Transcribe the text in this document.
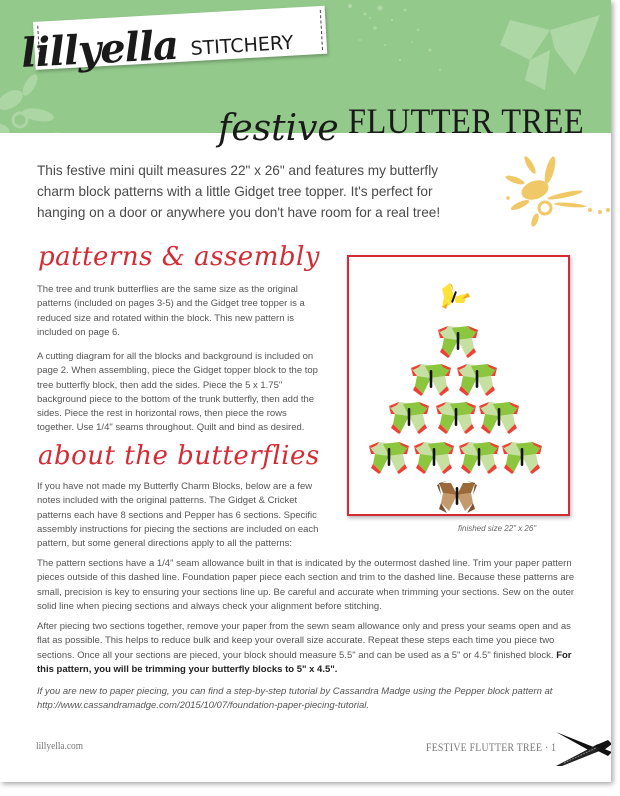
lillyella STITCHERY
festive FLUTTER TREE
This festive mini quilt measures 22" x 26" and features my butterfly charm block patterns with a little Gidget tree topper. It's perfect for hanging on a door or anywhere you don't have room for a real tree!
patterns & assembly
The tree and trunk butterflies are the same size as the original patterns (included on pages 3-5) and the Gidget tree topper is a reduced size and rotated within the block. This new pattern is included on page 6.
A cutting diagram for all the blocks and background is included on page 2. When assembling, piece the Gidget topper block to the top tree butterfly block, then add the sides. Piece the 5 x 1.75" background piece to the bottom of the trunk butterfly, then add the sides. Piece the rest in horizontal rows, then piece the rows together. Use 1/4" seams throughout. Quilt and bind as desired.
about the butterflies
If you have not made my Butterfly Charm Blocks, below are a few notes included with the original patterns. The Gidget & Cricket patterns each have 8 sections and Pepper has 6 sections. Specific assembly instructions for piecing the sections are included on each pattern, but some general directions apply to all the patterns:
The pattern sections have a 1/4" seam allowance built in that is indicated by the outermost dashed line. Trim your paper pattern pieces outside of this dashed line. Foundation paper piece each section and trim to the dashed line. Because these patterns are small, precision is key to ensuring your sections line up. Be careful and accurate when trimming your sections. Sew on the outer solid line when piecing sections and always check your alignment before stitching.
After piecing two sections together, remove your paper from the sewn seam allowance only and press your seams open and as flat as possible. This helps to reduce bulk and keep your overall size accurate. Repeat these steps each time you piece two sections. Once all your sections are pieced, your block should measure 5.5" and can be used as a 5" or 4.5" finished block. For this pattern, you will be trimming your butterfly blocks to 5" x 4.5".
If you are new to paper piecing, you can find a step-by-step tutorial by Cassandra Madge using the Pepper block pattern at http://www.cassandramadge.com/2015/10/07/foundation-paper-piecing-tutorial.
finished size 22" x 26"
lillyella.com	FESTIVE FLUTTER TREE · 1
